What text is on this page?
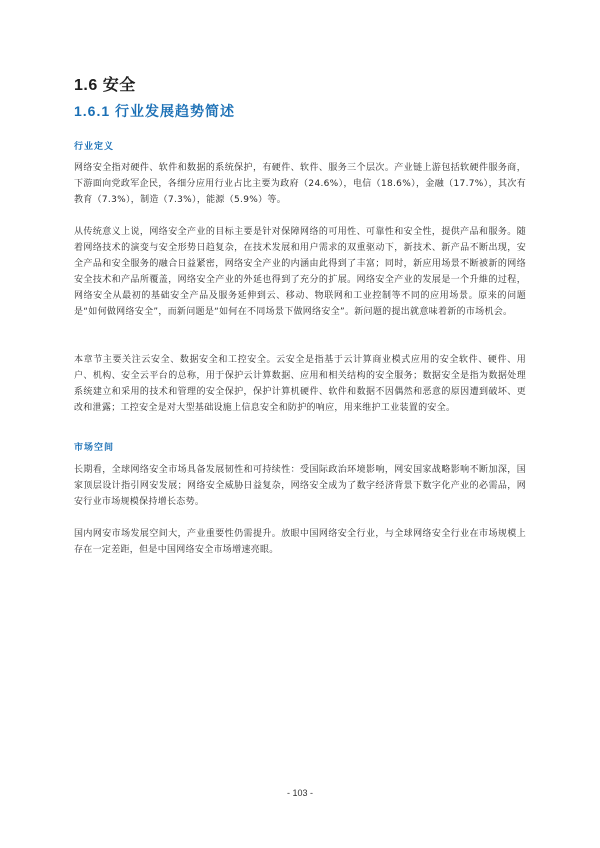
1.6 安全
1.6.1 行业发展趋势简述
行业定义

网络安全指对硬件、软件和数据的系统保护，有硬件、软件、服务三个层次。产业链上游包括软硬件服务商，下游面向党政军企民，各细分应用行业占比主要为政府（24.6%），电信（18.6%），金融（17.7%），其次有教育（7.3%），制造（7.3%），能源（5.9%）等。

从传统意义上说，网络安全产业的目标主要是针对保障网络的可用性、可靠性和安全性，提供产品和服务。随着网络技术的演变与安全形势日趋复杂，在技术发展和用户需求的双重驱动下，新技术、新产品不断出现，安全产品和安全服务的融合日益紧密，网络安全产业的内涵由此得到了丰富；同时，新应用场景不断被新的网络安全技术和产品所覆盖，网络安全产业的外延也得到了充分的扩展。网络安全产业的发展是一个升維的过程，网络安全从最初的基础安全产品及服务延伸到云、移动、物联网和工业控制等不同的应用场景。原来的问题是“如何做网络安全”，而新问题是“如何在不同场景下做网络安全”。新问题的提出就意味着新的市场机会。

本章节主要关注云安全、数据安全和工控安全。云安全是指基于云计算商业模式应用的安全软件、硬件、用户、机构、安全云平台的总称，用于保护云计算数据、应用和相关结构的安全服务；数据安全是指为数据处理系统建立和采用的技术和管理的安全保护，保护计算机硬件、软件和数据不因偶然和恶意的原因遭到破坏、更改和泄露；工控安全是对大型基础设施上信息安全和防护的响应，用来维护工业装置的安全。

市场空间

长期看，全球网络安全市场具备发展韧性和可持续性：受国际政治环境影响，网安国家战略影响不断加深，国家顶层设计指引网安发展；网络安全威胁日益复杂，网络安全成为了数字经济背景下数字化产业的必需品，网安行业市场规模保持增长态势。

国内网安市场发展空间大，产业重要性仍需提升。放眼中国网络安全行业，与全球网络安全行业在市场规模上存在一定差距，但是中国网络安全市场增速亮眼。

- 103 -
